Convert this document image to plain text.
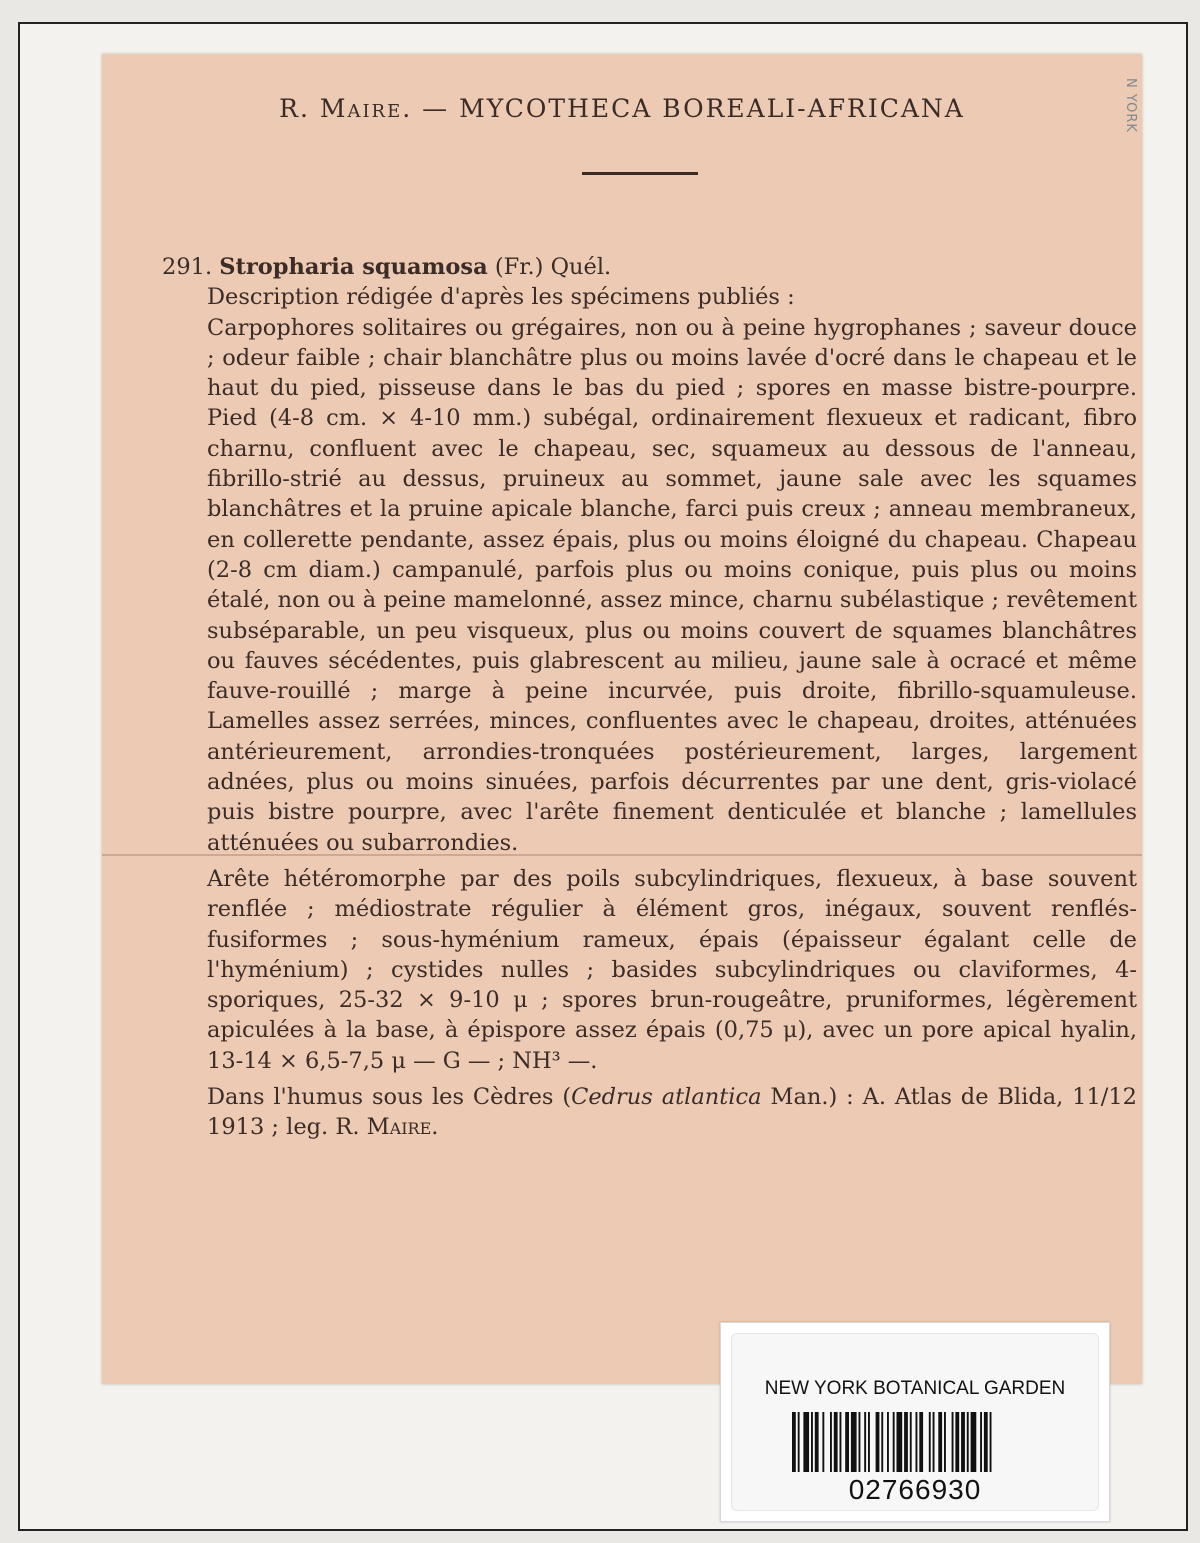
N YORK
R. Maire. — MYCOTHECA BOREALI-AFRICANA

291. Stropharia squamosa (Fr.) Quél.

Description rédigée d'après les spécimens publiés :

Carpophores solitaires ou grégaires, non ou à peine hygrophanes ; saveur douce ; odeur faible ; chair blanchâtre plus ou moins lavée d'ocré dans le chapeau et le haut du pied, pisseuse dans le bas du pied ; spores en masse bistre-pourpre. Pied (4-8 cm. × 4-10 mm.) subégal, ordinairement flexueux et radicant, fibro charnu, confluent avec le chapeau, sec, squameux au dessous de l'anneau, fibrillo-strié au dessus, pruineux au sommet, jaune sale avec les squames blanchâtres et la pruine apicale blanche, farci puis creux ; anneau membraneux, en collerette pendante, assez épais, plus ou moins éloigné du chapeau. Chapeau (2-8 cm diam.) campanulé, parfois plus ou moins conique, puis plus ou moins étalé, non ou à peine mamelonné, assez mince, charnu subélastique ; revêtement subséparable, un peu visqueux, plus ou moins couvert de squames blanchâtres ou fauves sécédentes, puis glabrescent au milieu, jaune sale à ocracé et même fauve-rouillé ; marge à peine incurvée, puis droite, fibrillo-squamuleuse. Lamelles assez serrées, minces, confluentes avec le chapeau, droites, atténuées antérieurement, arrondies-tronquées postérieurement, larges, largement adnées, plus ou moins sinuées, parfois décurrentes par une dent, gris-violacé puis bistre pourpre, avec l'arête finement denticulée et blanche ; lamellules atténuées ou subarrondies.

Arête hétéromorphe par des poils subcylindriques, flexueux, à base souvent renflée ; médiostrate régulier à élément gros, inégaux, souvent renflés-fusiformes ; sous-hyménium rameux, épais (épaisseur égalant celle de l'hyménium) ; cystides nulles ; basides subcylindriques ou claviformes, 4-sporiques, 25-32 × 9-10 μ ; spores brun-rougeâtre, pruniformes, légèrement apiculées à la base, à épispore assez épais (0,75 μ), avec un pore apical hyalin, 13-14 × 6,5-7,5 μ — G — ; NH³ —.

Dans l'humus sous les Cèdres (Cedrus atlantica Man.) : A. Atlas de Blida, 11/12 1913 ; leg. R. Maire.

NEW YORK BOTANICAL GARDEN
02766930
